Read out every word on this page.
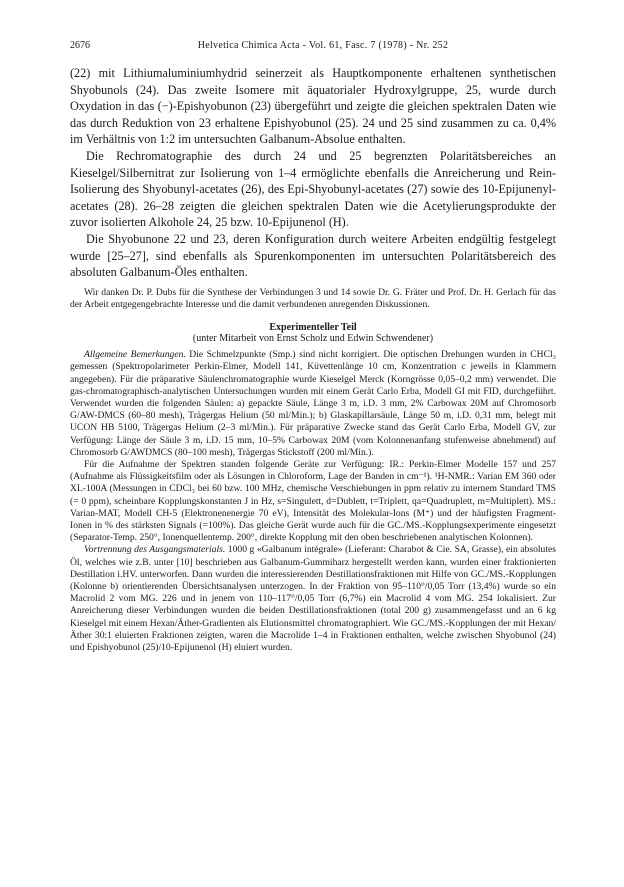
2676	Helvetica Chimica Acta - Vol. 61, Fasc. 7 (1978) - Nr. 252

(22) mit Lithiumaluminiumhydrid seinerzeit als Hauptkomponente erhaltenen synthetischen Shyobunols (24). Das zweite Isomere mit äquatorialer Hydroxylgruppe, 25, wurde durch Oxydation in das (−)-Epishyobunon (23) übergeführt und zeigte die gleichen spektralen Daten wie das durch Reduktion von 23 erhaltene Epishyobunol (25). 24 und 25 sind zusammen zu ca. 0,4% im Verhältnis von 1:2 im untersuchten Galbanum-Absolue enthalten.

Die Rechromatographie des durch 24 und 25 begrenzten Polaritätsbereiches an Kieselgel/Silbernitrat zur Isolierung von 1–4 ermöglichte ebenfalls die Anreicherung und Rein-Isolierung des Shyobunyl-acetates (26), des Epi-Shyobunyl-acetates (27) sowie des 10-Epijunenyl-acetates (28). 26–28 zeigten die gleichen spektralen Daten wie die Acetylierungsprodukte der zuvor isolierten Alkohole 24, 25 bzw. 10-Epijunenol (H).

Die Shyobunone 22 und 23, deren Konfiguration durch weitere Arbeiten endgültig festgelegt wurde [25–27], sind ebenfalls als Spurenkomponenten im untersuchten Polaritätsbereich des absoluten Galbanum-Öles enthalten.

Wir danken Dr. P. Dubs für die Synthese der Verbindungen 3 und 14 sowie Dr. G. Fräter und Prof. Dr. H. Gerlach für das der Arbeit entgegengebrachte Interesse und die damit verbundenen anregenden Diskussionen.

Experimenteller Teil
(unter Mitarbeit von Ernst Scholz und Edwin Schwendener)

Allgemeine Bemerkungen. Die Schmelzpunkte (Smp.) sind nicht korrigiert. Die optischen Drehungen wurden in CHCl₃ gemessen (Spektropolarimeter Perkin-Elmer, Modell 141, Küvettenlänge 10 cm, Konzentration c jeweils in Klammern angegeben). Für die präparative Säulenchromatographie wurde Kieselgel Merck (Korngrösse 0,05–0,2 mm) verwendet. Die gas-chromatographisch-analytischen Untersuchungen wurden mit einem Gerät Carlo Erba, Modell GI mit FID, durchgeführt. Verwendet wurden die folgenden Säulen: a) gepackte Säule, Länge 3 m, i.D. 3 mm, 2% Carbowax 20M auf Chromosorb G/AW-DMCS (60–80 mesh), Trägergas Helium (50 ml/Min.); b) Glaskapillarsäule, Länge 50 m, i.D. 0,31 mm, belegt mit UCON HB 5100, Trägergas Helium (2–3 ml/Min.). Für präparative Zwecke stand das Gerät Carlo Erba, Modell GV, zur Verfügung: Länge der Säule 3 m, i.D. 15 mm, 10–5% Carbowax 20M (vom Kolonnenanfang stufenweise abnehmend) auf Chromosorb G/AWDMCS (80–100 mesh), Trägergas Stickstoff (200 ml/Min.).

Für die Aufnahme der Spektren standen folgende Geräte zur Verfügung: IR.: Perkin-Elmer Modelle 157 und 257 (Aufnahme als Flüssigkeitsfilm oder als Lösungen in Chloroform, Lage der Banden in cm⁻¹). ¹H-NMR.: Varian EM 360 oder XL-100A (Messungen in CDCl₃ bei 60 bzw. 100 MHz, chemische Verschiebungen in ppm relativ zu internem Standard TMS (= 0 ppm), scheinbare Kopplungskonstanten J in Hz, s=Singulett, d=Dublett, t=Triplett, qa=Quadruplett, m=Multiplett). MS.: Varian-MAT, Modell CH-5 (Elektronenenergie 70 eV), Intensität des Molekular-Ions (M⁺) und der häufigsten Fragment-Ionen in % des stärksten Signals (=100%). Das gleiche Gerät wurde auch für die GC./MS.-Kopplungsexperimente eingesetzt (Separator-Temp. 250°, Ionenquellentemp. 200°, direkte Kopplung mit den oben beschriebenen analytischen Kolonnen).

Vortrennung des Ausgangsmaterials. 1000 g «Galbanum intégrale» (Lieferant: Charabot & Cie. SA, Grasse), ein absolutes Öl, welches wie z.B. unter [10] beschrieben aus Galbanum-Gummiharz hergestellt werden kann, wurden einer fraktionierten Destillation i.HV. unterworfen. Dann wurden die interessierenden Destillationsfraktionen mit Hilfe von GC./MS.-Kopplungen (Kolonne b) orientierenden Übersichtsanalysen unterzogen. In der Fraktion von 95–110°/0,05 Torr (13,4%) wurde so ein Macrolid 2 vom MG. 226 und in jenem von 110–117°/0,05 Torr (6,7%) ein Macrolid 4 vom MG. 254 lokalisiert. Zur Anreicherung dieser Verbindungen wurden die beiden Destillationsfraktionen (total 200 g) zusammengefasst und an 6 kg Kieselgel mit einem Hexan/Äther-Gradienten als Elutionsmittel chromatographiert. Wie GC./MS.-Kopplungen der mit Hexan/Äther 30:1 eluierten Fraktionen zeigten, waren die Macrolide 1–4 in Fraktionen enthalten, welche zwischen Shyobunol (24) und Epishyobunol (25)/10-Epijunenol (H) eluiert wurden.
